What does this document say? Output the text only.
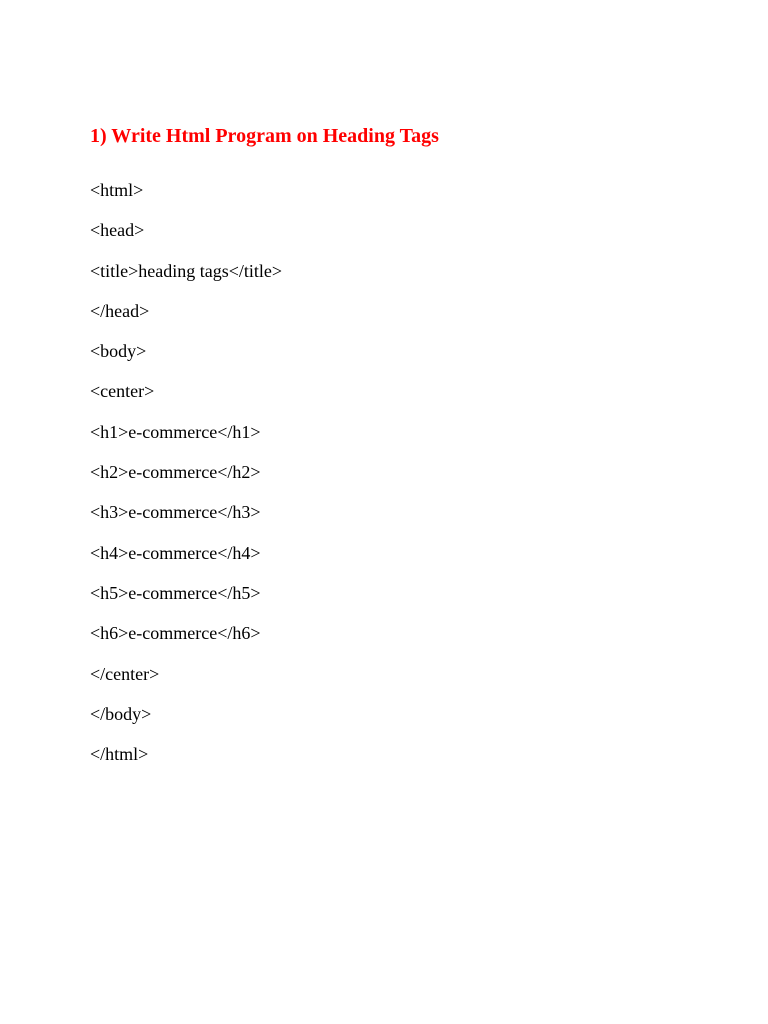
1) Write Html Program on Heading Tags
<html>
<head>
<title>heading tags</title>
</head>
<body>
<center>
<h1>e-commerce</h1>
<h2>e-commerce</h2>
<h3>e-commerce</h3>
<h4>e-commerce</h4>
<h5>e-commerce</h5>
<h6>e-commerce</h6>
</center>
</body>
</html>
